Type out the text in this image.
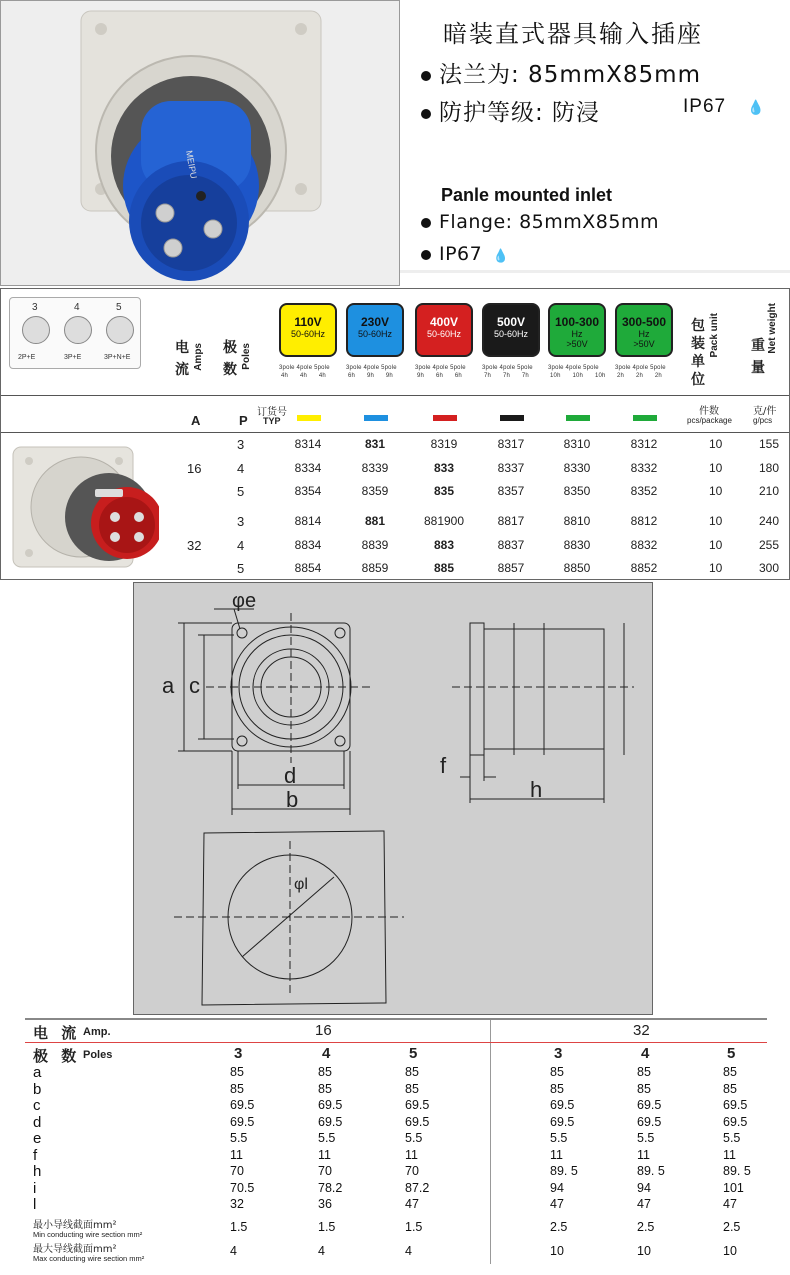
MEIPU
暗装直式器具输入插座
法兰为: 85mmX85mm
防护等级: 防浸	IP67 💧
Panle mounted inlet
Flange: 85mmX85mm
IP67 💧
3	4	5
2P+E	3P+E	3P+N+E
电流 Amps 极数
Poles
110V
50-60Hz
3pole 4pole 5pole
4h 4h 4h
230V
50-60Hz
3pole 4pole 5pole
6h 9h 9h
400V
50-60Hz
3pole 4pole 5pole
9h 6h 6h
500V
50-60Hz
3pole 4pole 5pole
7h 7h 7h
100-300
Hz
>50V
3pole 4pole 5pole
10h 10h 10h
300-500
Hz
>50V
3pole 4pole 5pole
2h 2h 2h
包装单位
Pack unit 重量
Net weight
A	P
订货号
TYP
件数
pcs/package
克/件
g/pcs
16
3	8314	831	8319	8317	8310	8312	10	155
4	8334	8339	833	8337	8330	8332	10	180
5	8354	8359	835	8357	8350	8352	10	210
3	8814	881	881900	8817	8810	8812	10	240
32	4	8834	8839	883	8837	8830	8832	10	255
5	8854	8859	885	8857	8850	8852	10	300
φe
a c
d
b
f
h
φl
电 流 Amp.	16	32
极 数 Poles	3	4	5	3	4	5
a	85	85	85	85	85	85
b	85	85	85	85	85	85
c	69.5	69.5	69.5	69.5	69.5	69.5
d	69.5	69.5	69.5	69.5	69.5	69.5
e	5.5	5.5	5.5	5.5	5.5	5.5
f	11	11	11	11	11	11
h	70	70	70	89. 5	89. 5	89. 5
i	70.5	78.2	87.2	94	94	101
l	32	36	47	47	47	47
最小导线截面mm²
Min conducting wire section mm²
1.5	1.5	1.5	2.5	2.5	2.5
最大导线截面mm²
Max conducting wire section mm²
4	4	4	10	10	10
